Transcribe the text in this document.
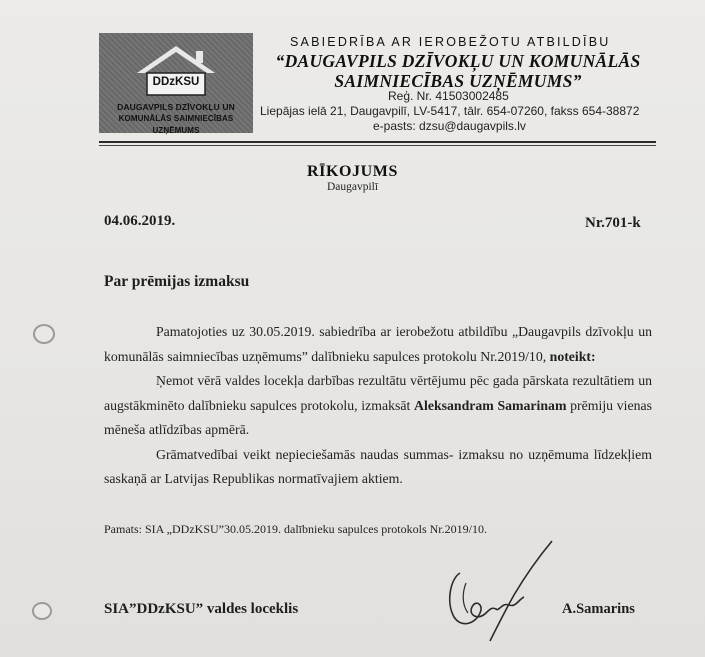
DDzKSU
DAUGAVPILS DZĪVOKĻU UN
KOMUNĀLĀS SAIMNIECĪBAS UZŅĒMUMS
SABIEDRĪBA AR IEROBEŽOTU ATBILDĪBU
“DAUGAVPILS DZĪVOKĻU UN KOMUNĀLĀS
SAIMNIECĪBAS UZŅĒMUMS”
Reģ. Nr. 41503002485
Liepājas ielā 21, Daugavpilī, LV-5417, tālr. 654-07260, fakss 654-38872
e-pasts: dzsu@daugavpils.lv
RĪKOJUMS
Daugavpilī
04.06.2019.	Nr.701-k
Par prēmijas izmaksu

Pamatojoties uz 30.05.2019. sabiedrība ar ierobežotu atbildību „Daugavpils dzīvokļu un komunālās saimniecības uzņēmums” dalībnieku sapulces protokolu Nr.2019/10, noteikt:

Ņemot vērā valdes locekļa darbības rezultātu vērtējumu pēc gada pārskata rezultātiem un augstākminēto dalībnieku sapulces protokolu, izmaksāt Aleksandram Samarinam prēmiju vienas mēneša atlīdzības apmērā.

Grāmatvedībai veikt nepieciešamās naudas summas- izmaksu no uzņēmuma līdzekļiem saskaņā ar Latvijas Republikas normatīvajiem aktiem.

Pamats: SIA „DDzKSU”30.05.2019. dalībnieku sapulces protokols Nr.2019/10.
SIA”DDzKSU” valdes loceklis	A.Samarins
